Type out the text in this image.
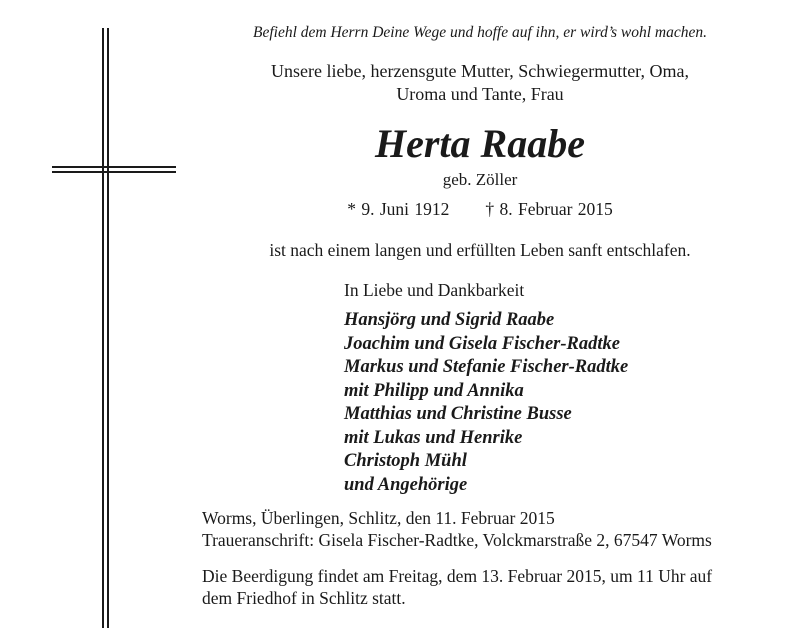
Befiehl dem Herrn Deine Wege und hoffe auf ihn, er wird’s wohl machen.
Unsere liebe, herzensgute Mutter, Schwiegermutter, Oma,
Uroma und Tante, Frau
Herta Raabe
geb. Zöller
* 9. Juni 1912 † 8. Februar 2015
ist nach einem langen und erfüllten Leben sanft entschlafen.
In Liebe und Dankbarkeit
Hansjörg und Sigrid Raabe
Joachim und Gisela Fischer-Radtke
Markus und Stefanie Fischer-Radtke
mit Philipp und Annika
Matthias und Christine Busse
mit Lukas und Henrike
Christoph Mühl
und Angehörige
Worms, Überlingen, Schlitz, den 11. Februar 2015
Traueranschrift: Gisela Fischer-Radtke, Volckmarstraße 2, 67547 Worms
Die Beerdigung findet am Freitag, dem 13. Februar 2015, um 11 Uhr auf
dem Friedhof in Schlitz statt.
